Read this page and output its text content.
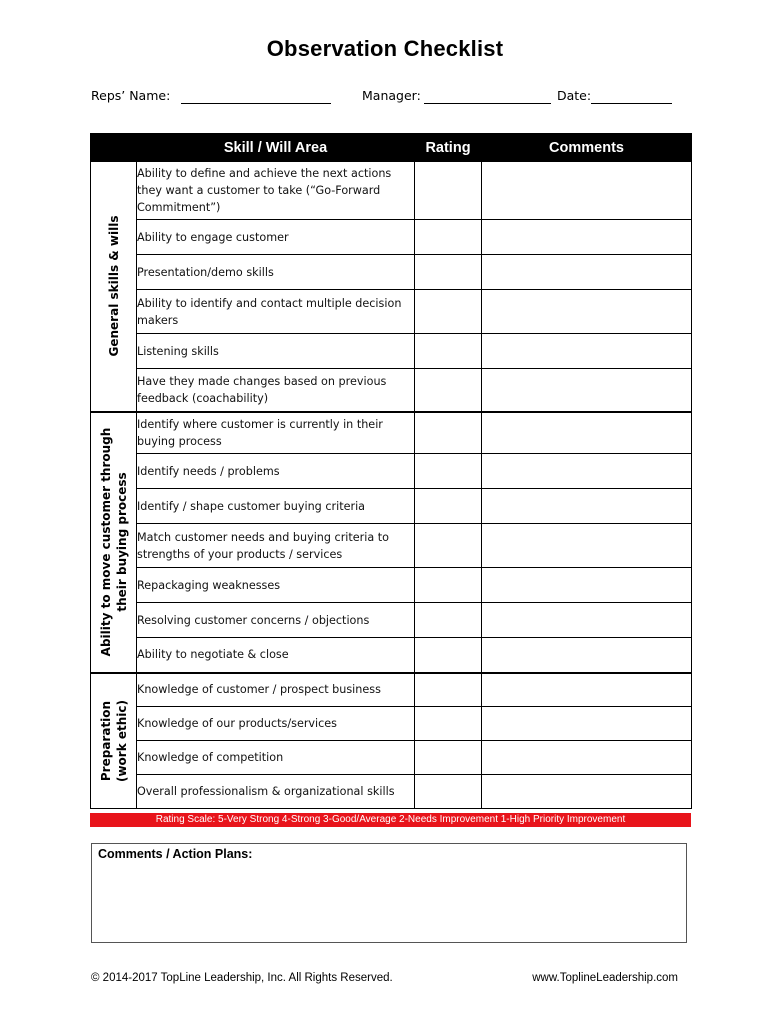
Observation Checklist
Reps’ Name:	Manager:	Date:
	Skill / Will Area	Rating	Comments

General skills & wills	Ability to define and achieve the next actions they want a customer to take (“Go-Forward Commitment”)		
	Ability to engage customer		
	Presentation/demo skills		
	Ability to identify and contact multiple decision makers		
	Listening skills		
	Have they made changes based on previous feedback (coachability)		

Ability to move customer through
their buying process	Identify where customer is currently in their buying process		
	Identify needs / problems		
	Identify / shape customer buying criteria		
	Match customer needs and buying criteria to strengths of your products / services		
	Repackaging weaknesses		
	Resolving customer concerns / objections		
	Ability to negotiate & close		

Preparation
(work ethic)	Knowledge of customer / prospect business		
	Knowledge of our products/services		
	Knowledge of competition		
	Overall professionalism & organizational skills		
Rating Scale: 5-Very Strong 4-Strong 3-Good/Average 2-Needs Improvement 1-High Priority Improvement
Comments / Action Plans:
© 2014-2017 TopLine Leadership, Inc. All Rights Reserved.	www.ToplineLeadership.com
